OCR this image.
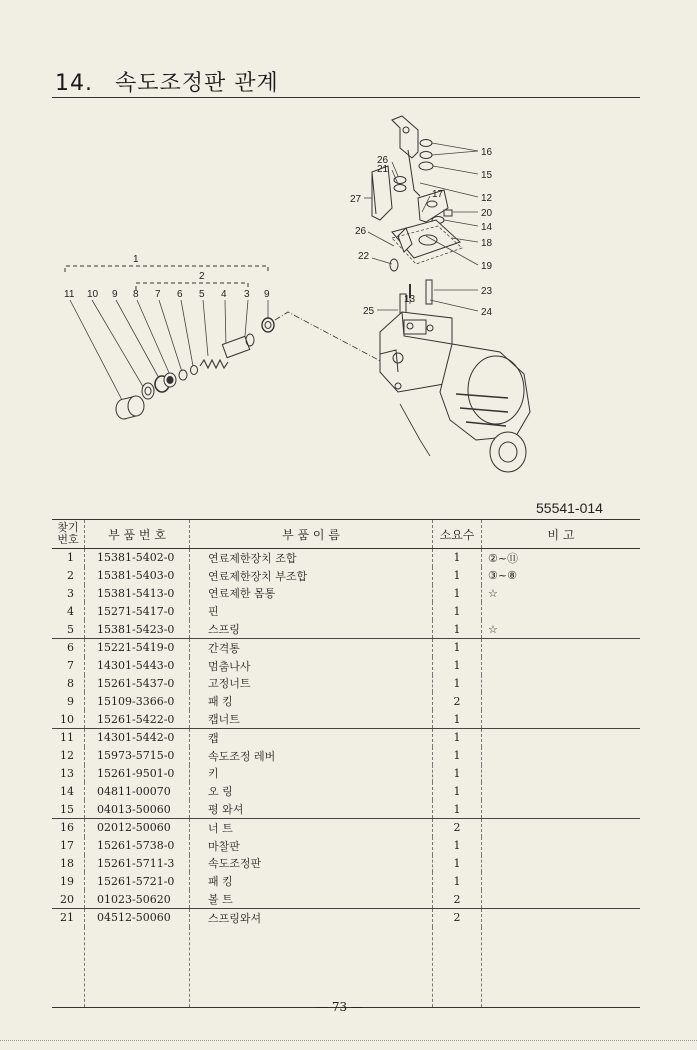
14. 속도조정판 관계
1
2
11 10 9 8 7 6 5 4 3 9
16
15
12
20
14
18
19
23
24
26
21
17
27
26
22
13
25
55541-014
찾기번호	부 품 번 호	부 품 이 름	소요수	비 고
1	15381-5402-0	연료제한장치 조합	1	②~⑪
2	15381-5403-0	연료제한장치 부조합	1	③~⑧
3	15381-5413-0	연료제한 몸통	1	☆
4	15271-5417-0	핀	1	
5	15381-5423-0	스프링	1	☆
6	15221-5419-0	간격통	1	
7	14301-5443-0	멈춤나사	1	
8	15261-5437-0	고정너트	1	
9	15109-3366-0	패 킹	2	
10	15261-5422-0	캡너트	1	
11	14301-5442-0	캡	1	
12	15973-5715-0	속도조정 레버	1	
13	15261-9501-0	키	1	
14	04811-00070	오 링	1	
15	04013-50060	평 와셔	1	
16	02012-50060	너 트	2	
17	15261-5738-0	마찰판	1	
18	15261-5711-3	속도조정판	1	
19	15261-5721-0	패 킹	1	
20	01023-50620	볼 트	2	
21	04512-50060	스프링와셔	2	

— 73 —
